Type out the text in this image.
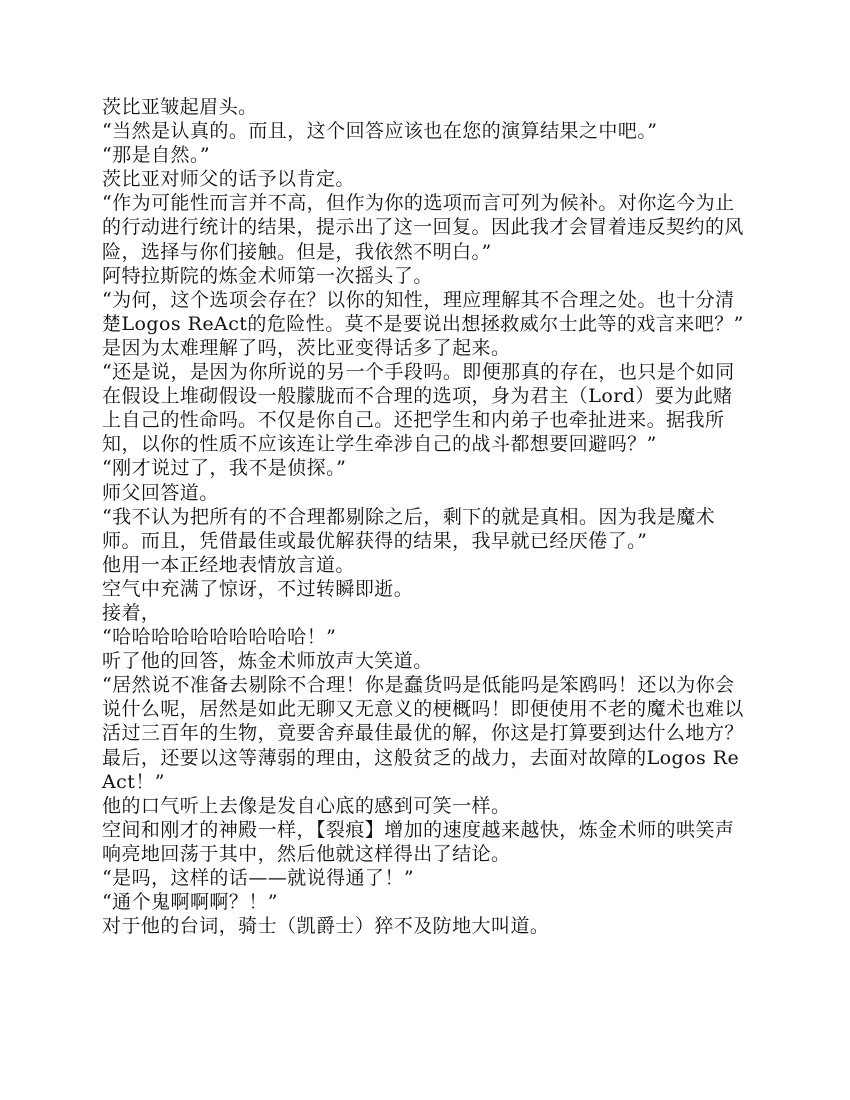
茨比亚皱起眉头。

“当然是认真的。而且，这个回答应该也在您的演算结果之中吧。”

“那是自然。”

茨比亚对师父的话予以肯定。

“作为可能性而言并不高，但作为你的选项而言可列为候补。对你迄今为止的行动进行统计的结果，提示出了这一回复。因此我才会冒着违反契约的风险，选择与你们接触。但是，我依然不明白。”

阿特拉斯院的炼金术师第一次摇头了。

“为何，这个选项会存在？以你的知性，理应理解其不合理之处。也十分清楚Logos ReAct的危险性。莫不是要说出想拯救威尔士此等的戏言来吧？”

是因为太难理解了吗，茨比亚变得话多了起来。

“还是说，是因为你所说的另一个手段吗。即便那真的存在，也只是个如同在假设上堆砌假设一般朦胧而不合理的选项，身为君主（Lord）要为此赌上自己的性命吗。不仅是你自己。还把学生和内弟子也牵扯进来。据我所知，以你的性质不应该连让学生牵涉自己的战斗都想要回避吗？”

“刚才说过了，我不是侦探。”

师父回答道。

“我不认为把所有的不合理都剔除之后，剩下的就是真相。因为我是魔术师。而且，凭借最佳或最优解获得的结果，我早就已经厌倦了。”

他用一本正经地表情放言道。

空气中充满了惊讶，不过转瞬即逝。

接着，

“哈哈哈哈哈哈哈哈哈哈！”

听了他的回答，炼金术师放声大笑道。

“居然说不准备去剔除不合理！你是蠢货吗是低能吗是笨鸥吗！还以为你会说什么呢，居然是如此无聊又无意义的梗概吗！即便使用不老的魔术也难以活过三百年的生物，竟要舍弃最佳最优的解，你这是打算要到达什么地方？最后，还要以这等薄弱的理由，这般贫乏的战力，去面对故障的Logos ReAct！”

他的口气听上去像是发自心底的感到可笑一样。

空间和刚才的神殿一样，【裂痕】增加的速度越来越快，炼金术师的哄笑声响亮地回荡于其中，然后他就这样得出了结论。

“是吗，这样的话——就说得通了！”

“通个鬼啊啊啊？！”

对于他的台词，骑士（凯爵士）猝不及防地大叫道。
